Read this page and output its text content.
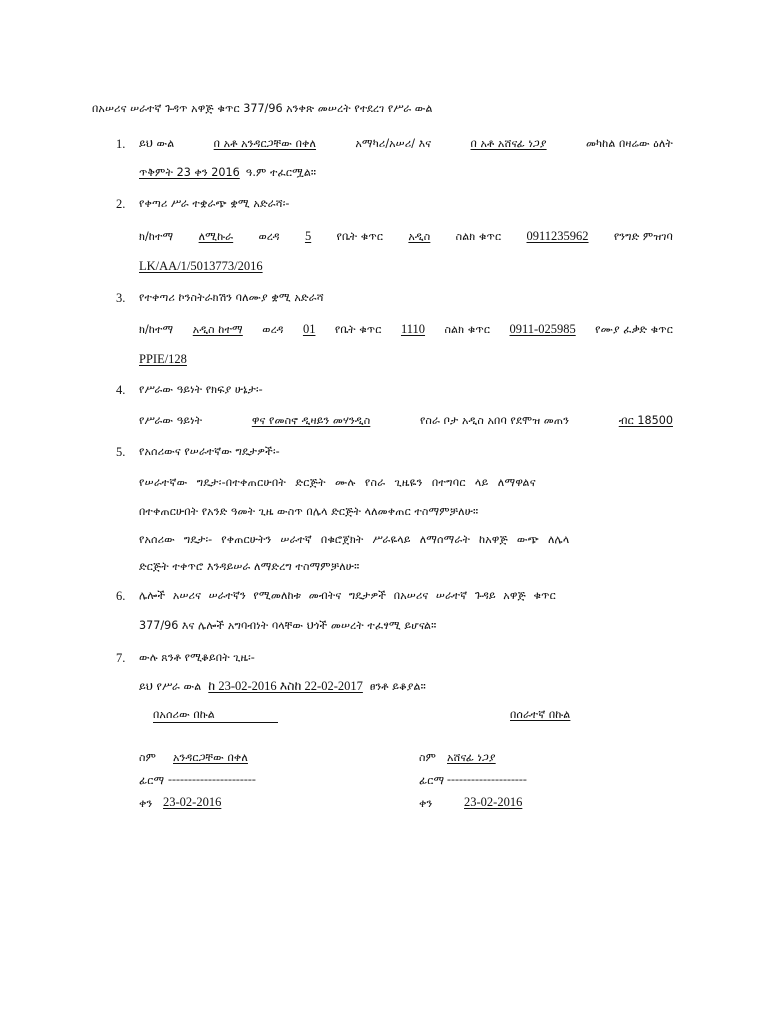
በአሠሪና ሠራተኛ ጉዳጥ አዋጅ ቁጥር 377/96 አንቀጽ መሠረት የተደረገ የሥራ ውል
1. ይህ ውል	በ አቶ አንዳርጋቸው በቀለ	አማካሪ/አሠሪ/ እና	በ አቶ አሸናፊ ነጋያ	መካከል በዛሬው ዕለት
ጥቅምት 23 ቀን 2016 ዓ.ም ተፈርሟል።
2. የቀጣሪ ሥራ ተቋራጭ ቋሚ አድራሻ፡-
ክ/ከተማ ለሚኩራ ወረዳ 5 የቤት ቁጥር አዲስ ስልክ ቁጥር 0911235962 የንግድ ምዝገባ
LK/AA/1/5013773/2016
3. የተቀጣሪ ኮንስትራክሽን ባለሙያ ቋሚ አድራሻ
ክ/ከተማ አዲስ ከተማ ወረዳ 01 የቤት ቁጥር 1110 ስልክ ቁጥር 0911-025985 የሙያ ፈቃድ ቁጥር
PPIE/128
4. የሥራው ዓይነት የክፍያ ሁኔታ፡-
የሥራው ዓይነት	ዋና የመስኖ ዲዛይን መሃንዲስ	የስራ ቦታ አዲስ አበባ የደሞዝ መጠን	ብር 18500
5. የአሰሪውና የሠራተኛው ግዴታዎች፡-
የሠራተኛው ግዴታ፡-በተቀጠርሁበት ድርጅት ሙሉ የስራ ጊዜዬን በተግባር ላይ ለማዋልና
በተቀጠርሁበት የአንድ ዓመት ጊዜ ውስጥ በሌላ ድርጅት ላለመቀጠር ተስማምቻለሁ።
የአሰሪው ግዴታ፡- የቀጠርሁትን ሠራተኛ በቁሮጀክት ሥራዬላይ ለማሰማራት ከአዋጅ ውጭ ለሌላ
ድርጅት ተቀጥሮ እንዳይሠራ ለማድረግ ተስማምቻለሁ።
6. ሌሎች አሠሪና ሠራተኛን የሚመለከቱ መብትና ግዴታዎች በአሠሪና ሠራተኛ ጉዳይ አዋጅ ቁጥር
377/96 እና ሌሎች አግባብነት ባላቸው ህጎች መሠረት ተፈፃሚ ይሆናል።
7. ውሉ ጸንቶ የሚቆይበት ጊዜ፡-
ይህ የሥራ ውል ከ 23-02-2016 እስከ 22-02-2017 ፀንቶ ይቆያል።
በአሰሪው በኩል	በሰራተኛ በኩል
ስም አንዳርጋቸው በቀለ	ስም አሸናፊ ነጋያ
ፊርማ ----------------------	ፊርማ --------------------
ቀን 23-02-2016	ቀን	23-02-2016
